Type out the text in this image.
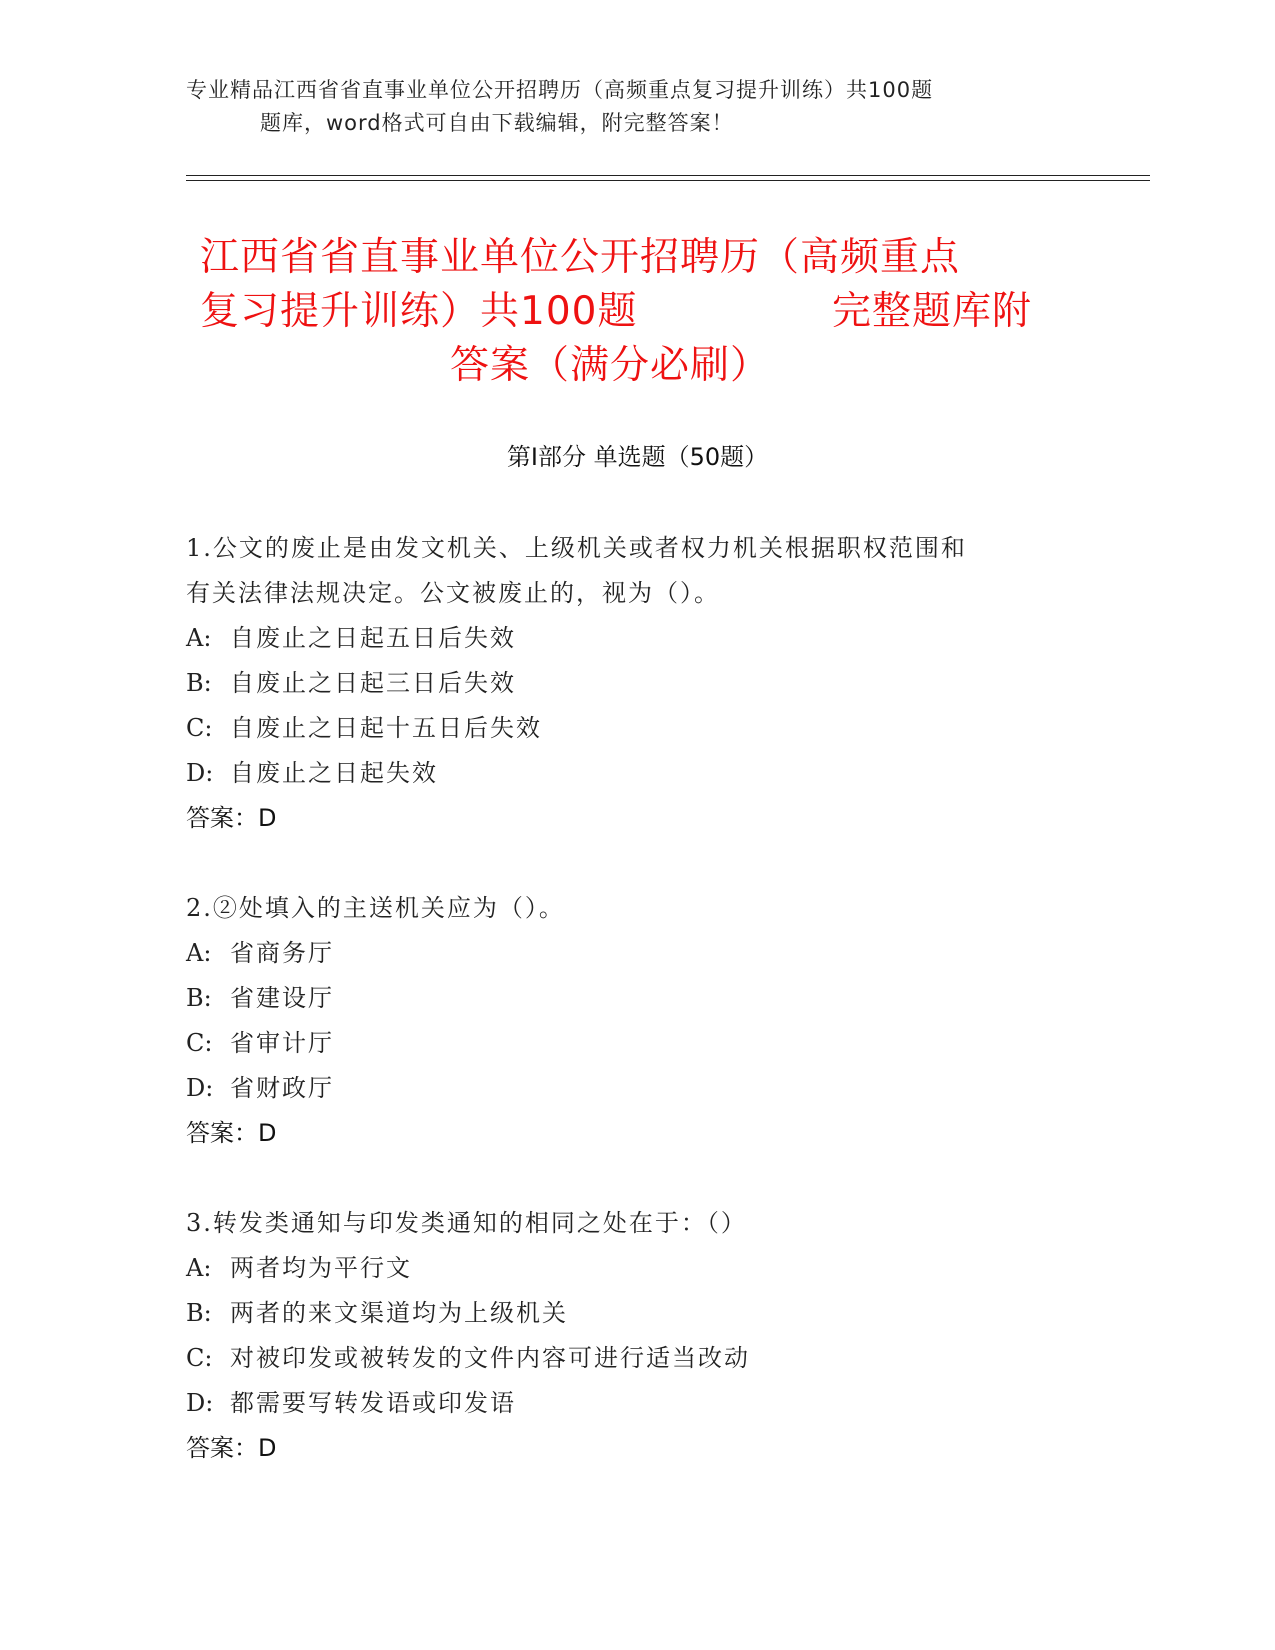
专业精品江西省省直事业单位公开招聘历（高频重点复习提升训练）共100题
题库，word格式可自由下载编辑，附完整答案！
江西省省直事业单位公开招聘历（高频重点
复习提升训练）共100题	完整题库附
答案（满分必刷）
第Ⅰ部分 单选题（50题）
1.公文的废止是由发文机关、上级机关或者权力机关根据职权范围和
有关法律法规决定。公文被废止的，视为（）。
A: 自废止之日起五日后失效
B: 自废止之日起三日后失效
C: 自废止之日起十五日后失效
D: 自废止之日起失效
答案：D
2.②处填入的主送机关应为（）。
A: 省商务厅
B: 省建设厅
C: 省审计厅
D: 省财政厅
答案：D
3.转发类通知与印发类通知的相同之处在于：（）
A: 两者均为平行文
B: 两者的来文渠道均为上级机关
C: 对被印发或被转发的文件内容可进行适当改动
D: 都需要写转发语或印发语
答案：D
